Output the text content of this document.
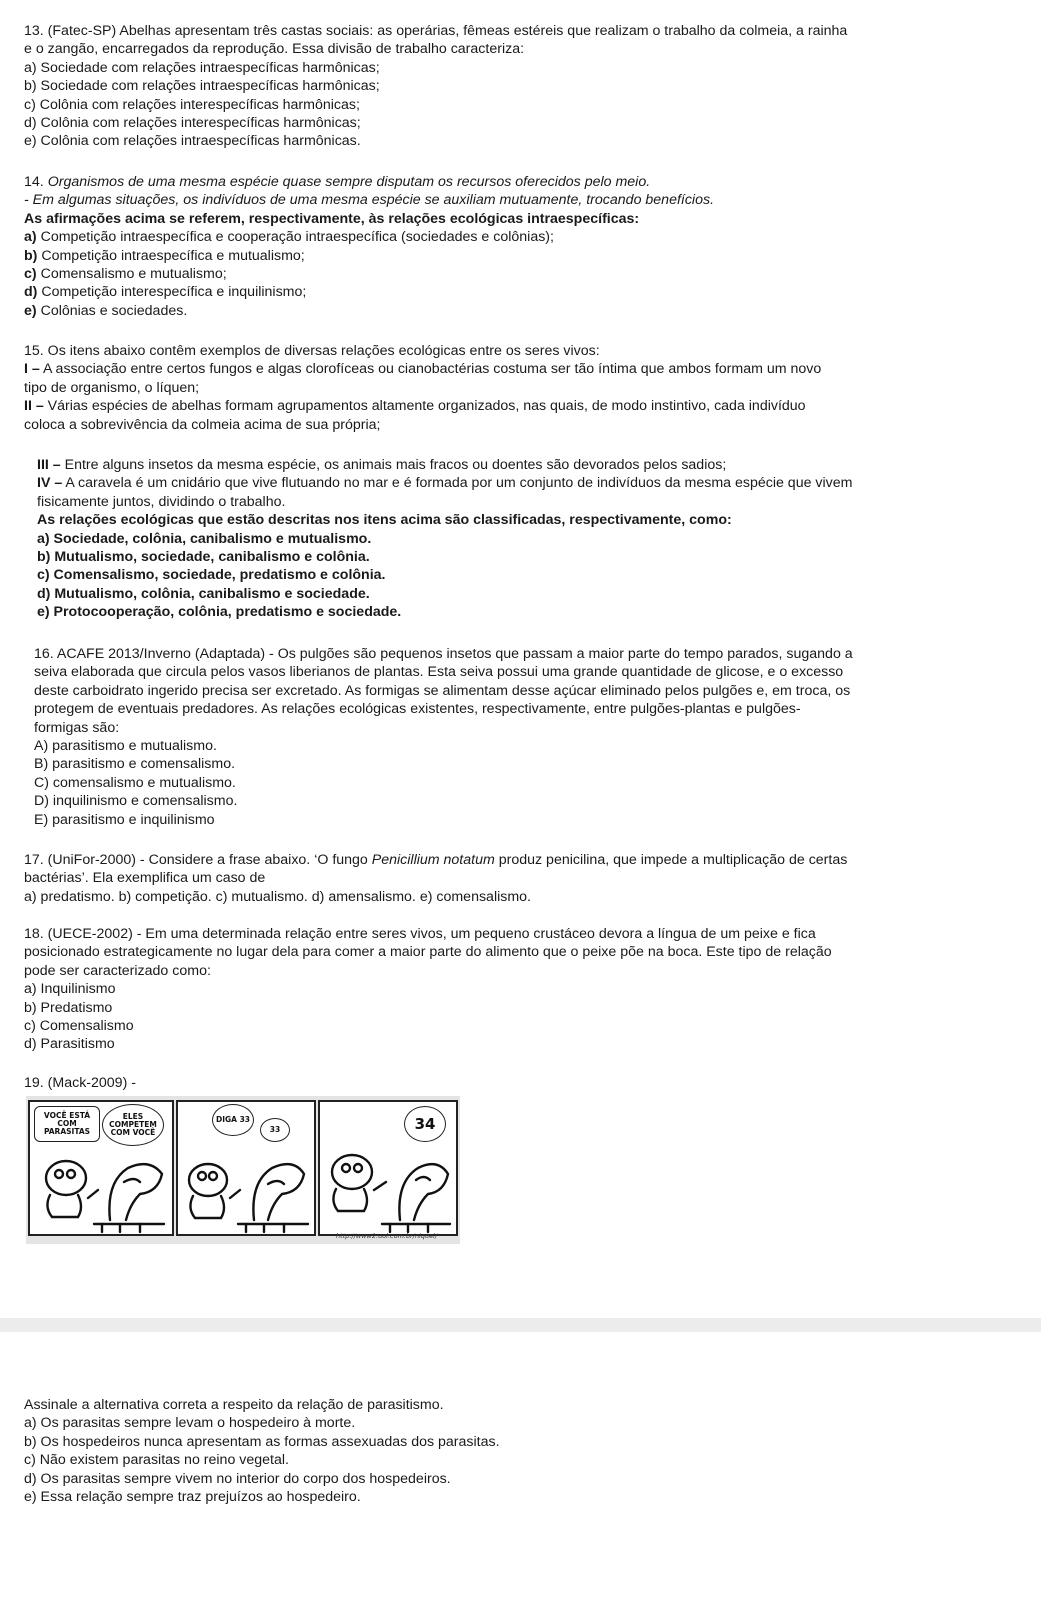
13. (Fatec-SP) Abelhas apresentam três castas sociais: as operárias, fêmeas estéreis que realizam o trabalho da colmeia, a rainha
e o zangão, encarregados da reprodução. Essa divisão de trabalho caracteriza:
a) Sociedade com relações intraespecíficas harmônicas;
b) Sociedade com relações intraespecíficas harmônicas;
c) Colônia com relações interespecíficas harmônicas;
d) Colônia com relações interespecíficas harmônicas;
e) Colônia com relações intraespecíficas harmônicas.
14. Organismos de uma mesma espécie quase sempre disputam os recursos oferecidos pelo meio.
- Em algumas situações, os indivíduos de uma mesma espécie se auxiliam mutuamente, trocando benefícios.
As afirmações acima se referem, respectivamente, às relações ecológicas intraespecíficas:
a) Competição intraespecífica e cooperação intraespecífica (sociedades e colônias);
b) Competição intraespecífica e mutualismo;
c) Comensalismo e mutualismo;
d) Competição interespecífica e inquilinismo;
e) Colônias e sociedades.
15. Os itens abaixo contêm exemplos de diversas relações ecológicas entre os seres vivos:
I – A associação entre certos fungos e algas clorofíceas ou cianobactérias costuma ser tão íntima que ambos formam um novo
tipo de organismo, o líquen;
II – Várias espécies de abelhas formam agrupamentos altamente organizados, nas quais, de modo instintivo, cada indivíduo
coloca a sobrevivência da colmeia acima de sua própria;
III – Entre alguns insetos da mesma espécie, os animais mais fracos ou doentes são devorados pelos sadios;
IV – A caravela é um cnidário que vive flutuando no mar e é formada por um conjunto de indivíduos da mesma espécie que vivem
fisicamente juntos, dividindo o trabalho.
As relações ecológicas que estão descritas nos itens acima são classificadas, respectivamente, como:
a) Sociedade, colônia, canibalismo e mutualismo.
b) Mutualismo, sociedade, canibalismo e colônia.
c) Comensalismo, sociedade, predatismo e colônia.
d) Mutualismo, colônia, canibalismo e sociedade.
e) Protocooperação, colônia, predatismo e sociedade.
16. ACAFE 2013/Inverno (Adaptada) - Os pulgões são pequenos insetos que passam a maior parte do tempo parados, sugando a
seiva elaborada que circula pelos vasos liberianos de plantas. Esta seiva possui uma grande quantidade de glicose, e o excesso
deste carboidrato ingerido precisa ser excretado. As formigas se alimentam desse açúcar eliminado pelos pulgões e, em troca, os
protegem de eventuais predadores. As relações ecológicas existentes, respectivamente, entre pulgões-plantas e pulgões-
formigas são:
A) parasitismo e mutualismo.
B) parasitismo e comensalismo.
C) comensalismo e mutualismo.
D) inquilinismo e comensalismo.
E) parasitismo e inquilinismo
17. (UniFor-2000) - Considere a frase abaixo. ‘O fungo Penicillium notatum produz penicilina, que impede a multiplicação de certas
bactérias’. Ela exemplifica um caso de
a) predatismo. b) competição. c) mutualismo. d) amensalismo. e) comensalismo.
18. (UECE-2002) - Em uma determinada relação entre seres vivos, um pequeno crustáceo devora a língua de um peixe e fica
posicionado estrategicamente no lugar dela para comer a maior parte do alimento que o peixe põe na boca. Este tipo de relação
pode ser caracterizado como:
a) Inquilinismo
b) Predatismo
c) Comensalismo
d) Parasitismo
19. (Mack-2009) -
VOCÊ ESTÁ COM PARASITAS
ELES COMPETEM COM VOCÊ
DIGA 33
33	34
http://www2.uol.com.br/niquel/
Assinale a alternativa correta a respeito da relação de parasitismo.
a) Os parasitas sempre levam o hospedeiro à morte.
b) Os hospedeiros nunca apresentam as formas assexuadas dos parasitas.
c) Não existem parasitas no reino vegetal.
d) Os parasitas sempre vivem no interior do corpo dos hospedeiros.
e) Essa relação sempre traz prejuízos ao hospedeiro.
